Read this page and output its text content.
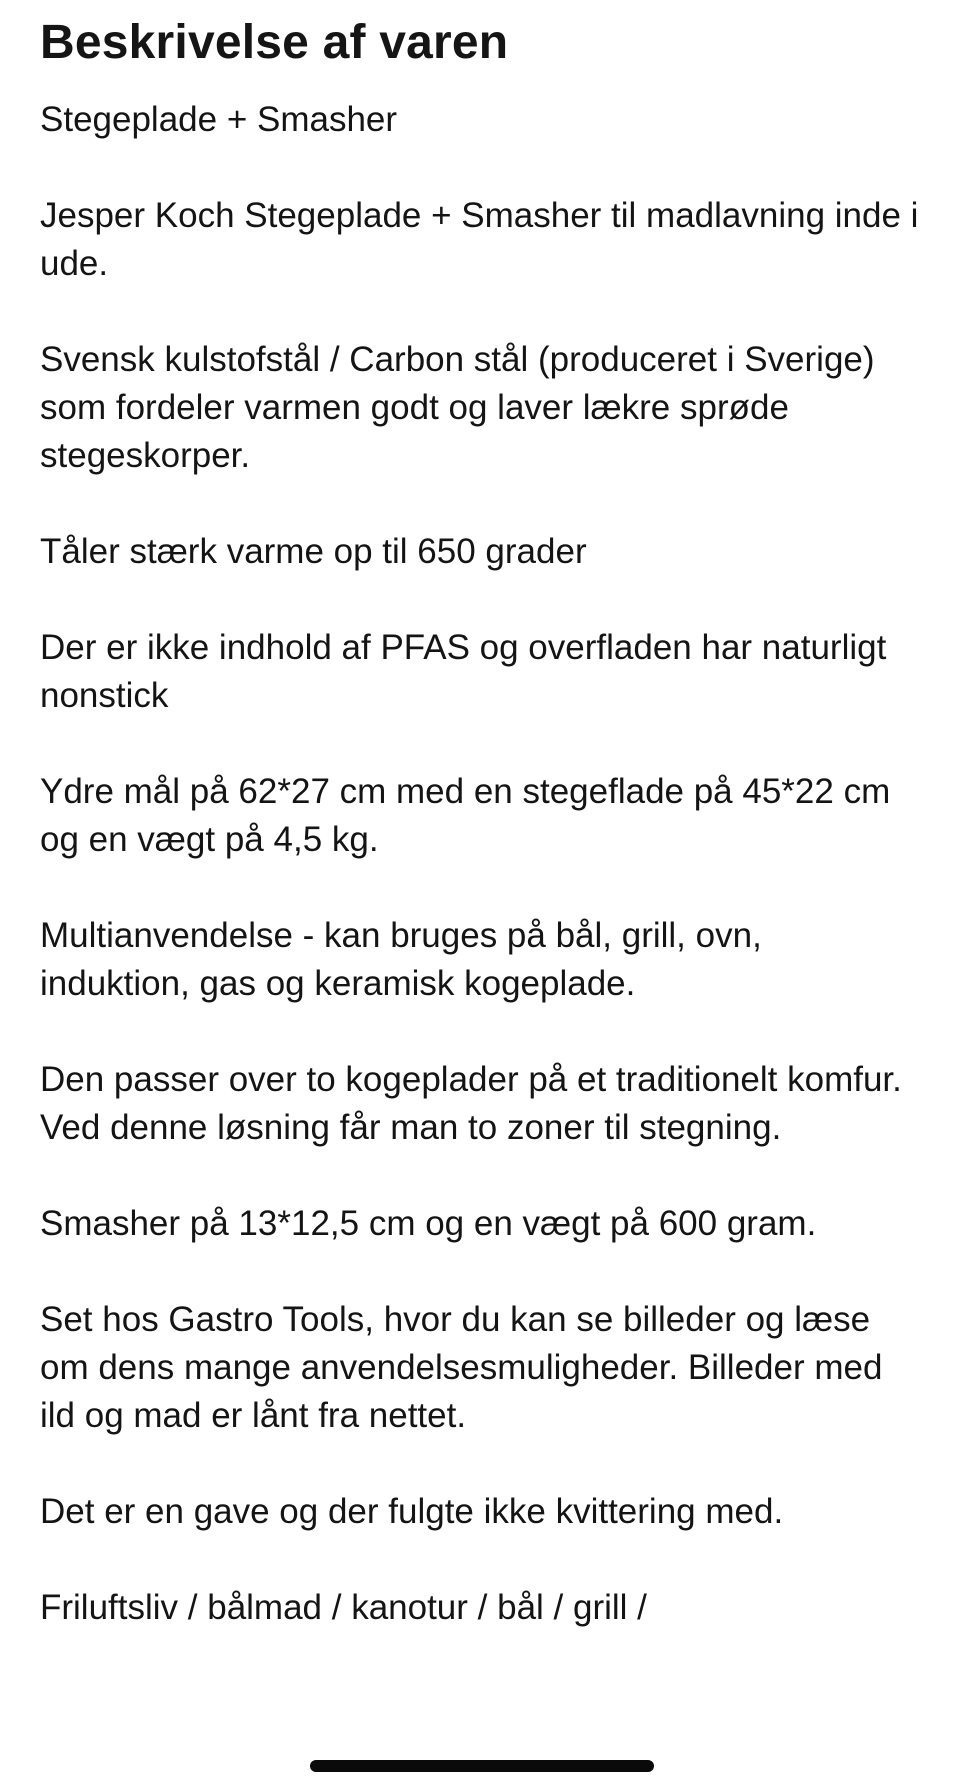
Beskrivelse af varen

Stegeplade + Smasher

Jesper Koch Stegeplade + Smasher til madlavning inde i ude.

Svensk kulstofstål / Carbon stål (produceret i Sverige) som fordeler varmen godt og laver lækre sprøde stegeskorper.

Tåler stærk varme op til 650 grader

Der er ikke indhold af PFAS og overfladen har naturligt nonstick

Ydre mål på 62*27 cm med en stegeflade på 45*22 cm og en vægt på 4,5 kg.

Multianvendelse - kan bruges på bål, grill, ovn, induktion, gas og keramisk kogeplade.

Den passer over to kogeplader på et traditionelt komfur. Ved denne løsning får man to zoner til stegning.

Smasher på 13*12,5 cm og en vægt på 600 gram.

Set hos Gastro Tools, hvor du kan se billeder og læse om dens mange anvendelsesmuligheder. Billeder med ild og mad er lånt fra nettet.

Det er en gave og der fulgte ikke kvittering med.

Friluftsliv / bålmad / kanotur / bål / grill /
